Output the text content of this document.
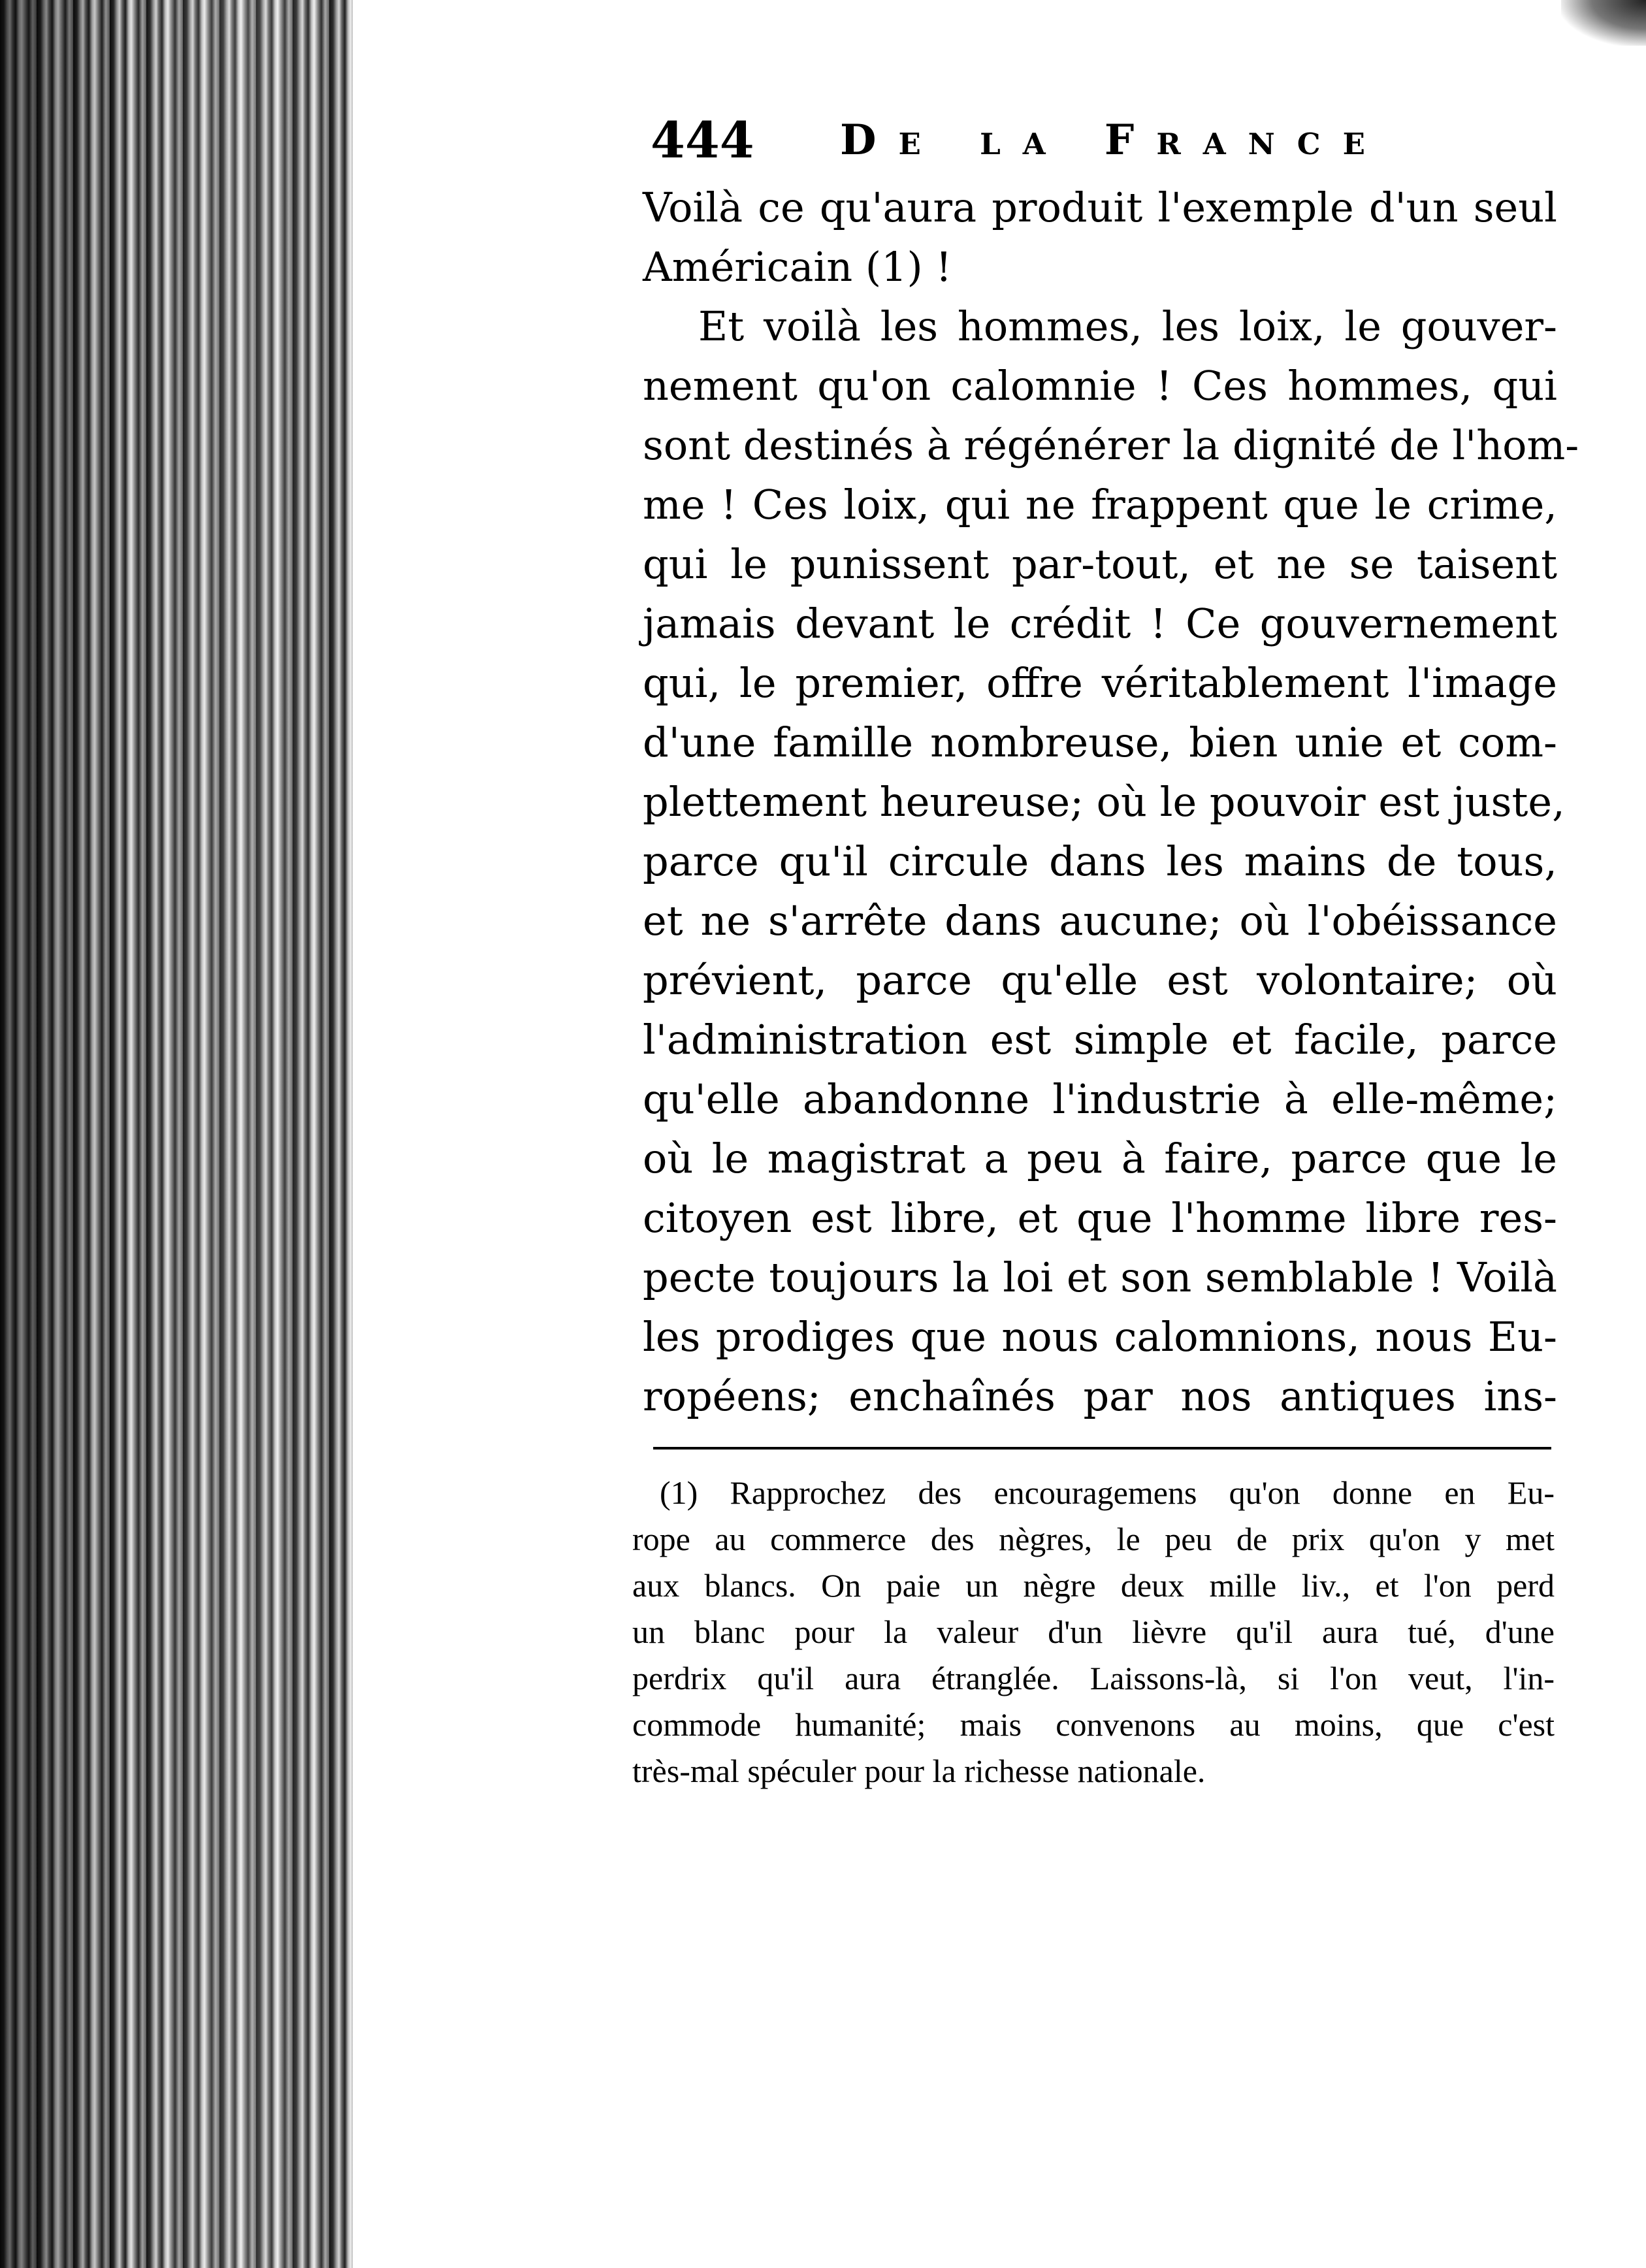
444 De la France
Voilà ce qu'aura produit l'exemple d'un seul
Américain (1) !
Et voilà les hommes, les loix, le gouver-
nement qu'on calomnie ! Ces hommes, qui
sont destinés à régénérer la dignité de l'hom-
me ! Ces loix, qui ne frappent que le crime,
qui le punissent par-tout, et ne se taisent
jamais devant le crédit ! Ce gouvernement
qui, le premier, offre véritablement l'image
d'une famille nombreuse, bien unie et com-
plettement heureuse; où le pouvoir est juste,
parce qu'il circule dans les mains de tous,
et ne s'arrête dans aucune; où l'obéissance
prévient, parce qu'elle est volontaire; où
l'administration est simple et facile, parce
qu'elle abandonne l'industrie à elle-même;
où le magistrat a peu à faire, parce que le
citoyen est libre, et que l'homme libre res-
pecte toujours la loi et son semblable ! Voilà
les prodiges que nous calomnions, nous Eu-
ropéens; enchaînés par nos antiques ins-
(1) Rapprochez des encouragemens qu'on donne en Eu-
rope au commerce des nègres, le peu de prix qu'on y met
aux blancs. On paie un nègre deux mille liv., et l'on perd
un blanc pour la valeur d'un lièvre qu'il aura tué, d'une
perdrix qu'il aura étranglée. Laissons-là, si l'on veut, l'in-
commode humanité; mais convenons au moins, que c'est
très-mal spéculer pour la richesse nationale.
